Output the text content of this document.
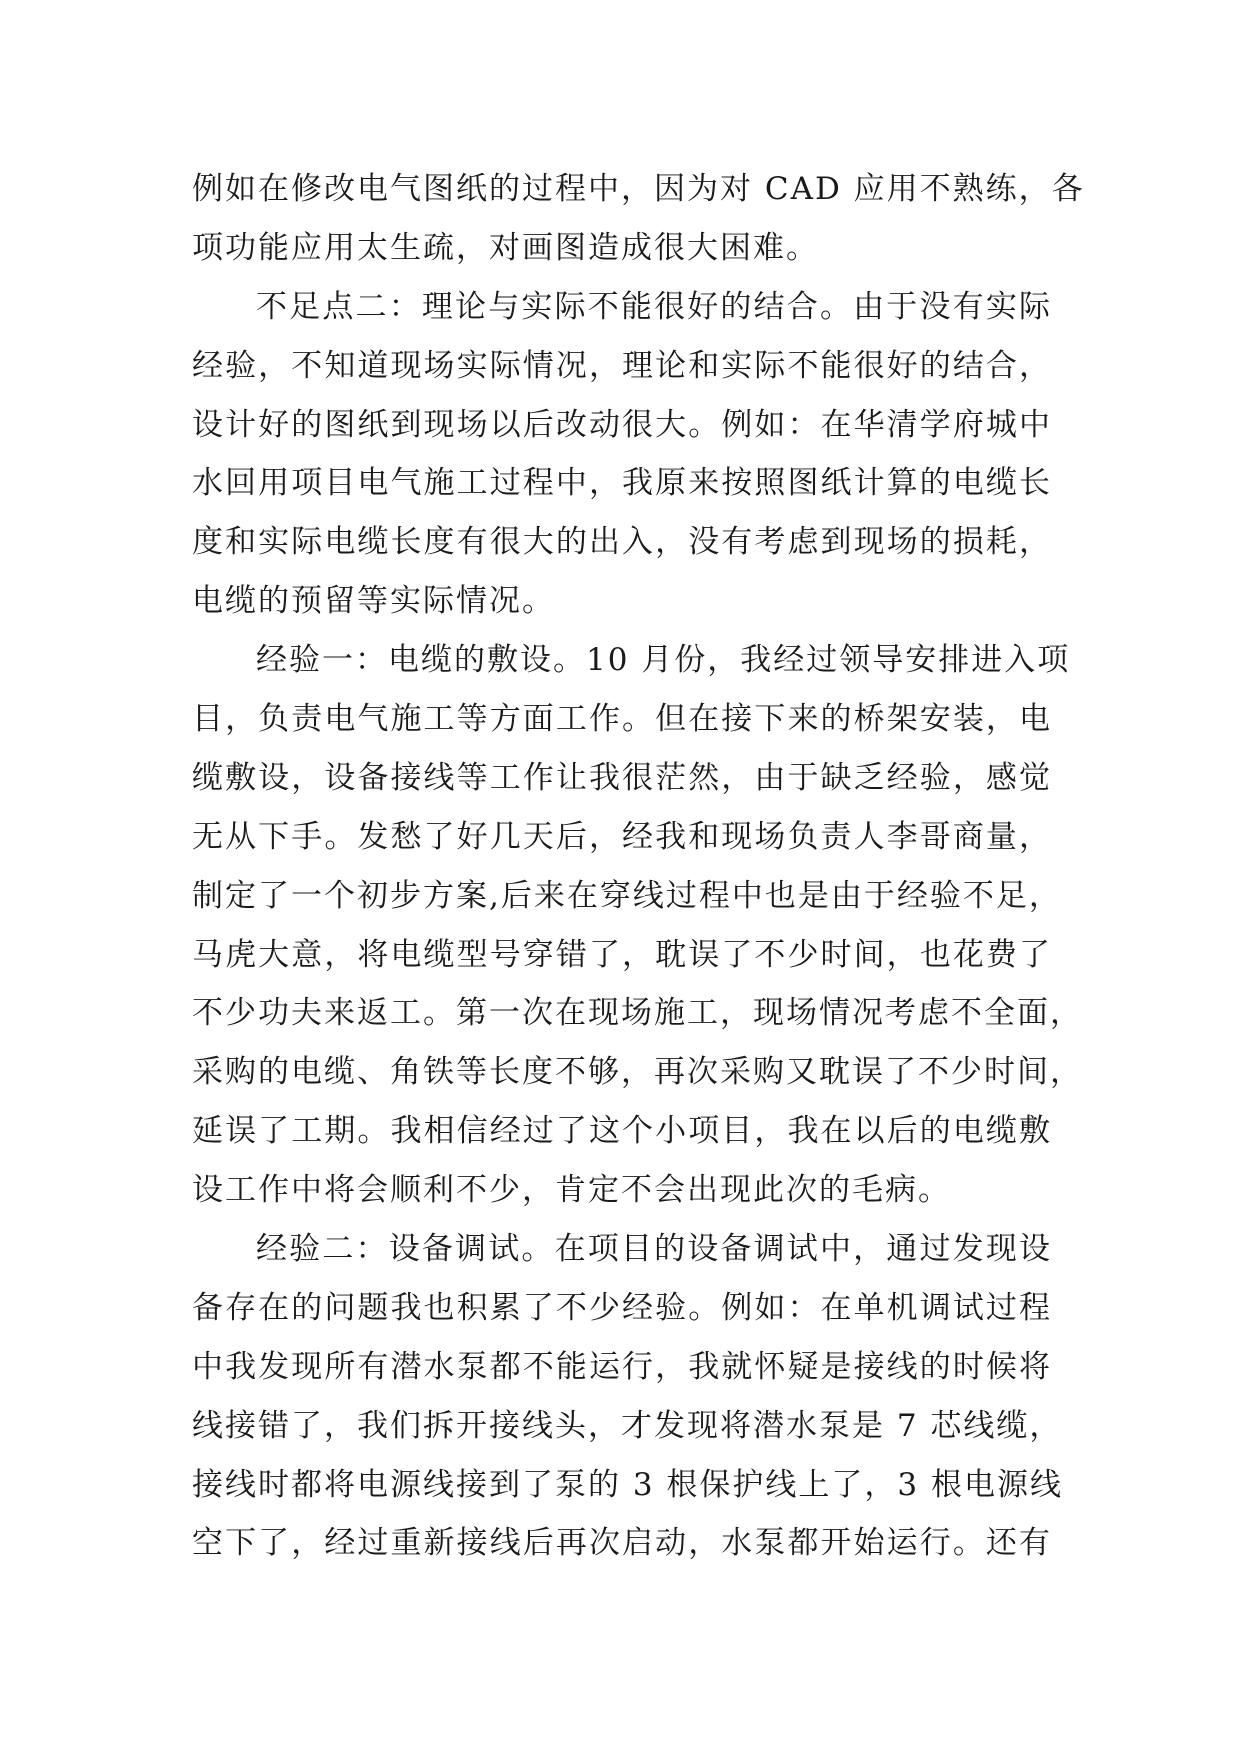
例如在修改电气图纸的过程中，因为对 CAD 应用不熟练，各
项功能应用太生疏，对画图造成很大困难。
不足点二：理论与实际不能很好的结合。由于没有实际
经验，不知道现场实际情况，理论和实际不能很好的结合，
设计好的图纸到现场以后改动很大。例如：在华清学府城中
水回用项目电气施工过程中，我原来按照图纸计算的电缆长
度和实际电缆长度有很大的出入，没有考虑到现场的损耗，
电缆的预留等实际情况。
经验一：电缆的敷设。10 月份，我经过领导安排进入项
目，负责电气施工等方面工作。但在接下来的桥架安装，电
缆敷设，设备接线等工作让我很茫然，由于缺乏经验，感觉
无从下手。发愁了好几天后，经我和现场负责人李哥商量，
制定了一个初步方案,后来在穿线过程中也是由于经验不足，
马虎大意，将电缆型号穿错了，耽误了不少时间，也花费了
不少功夫来返工。第一次在现场施工，现场情况考虑不全面，
采购的电缆、角铁等长度不够，再次采购又耽误了不少时间，
延误了工期。我相信经过了这个小项目，我在以后的电缆敷
设工作中将会顺利不少，肯定不会出现此次的毛病。
经验二：设备调试。在项目的设备调试中，通过发现设
备存在的问题我也积累了不少经验。例如：在单机调试过程
中我发现所有潜水泵都不能运行，我就怀疑是接线的时候将
线接错了，我们拆开接线头，才发现将潜水泵是 7 芯线缆，
接线时都将电源线接到了泵的 3 根保护线上了，3 根电源线
空下了，经过重新接线后再次启动，水泵都开始运行。还有
